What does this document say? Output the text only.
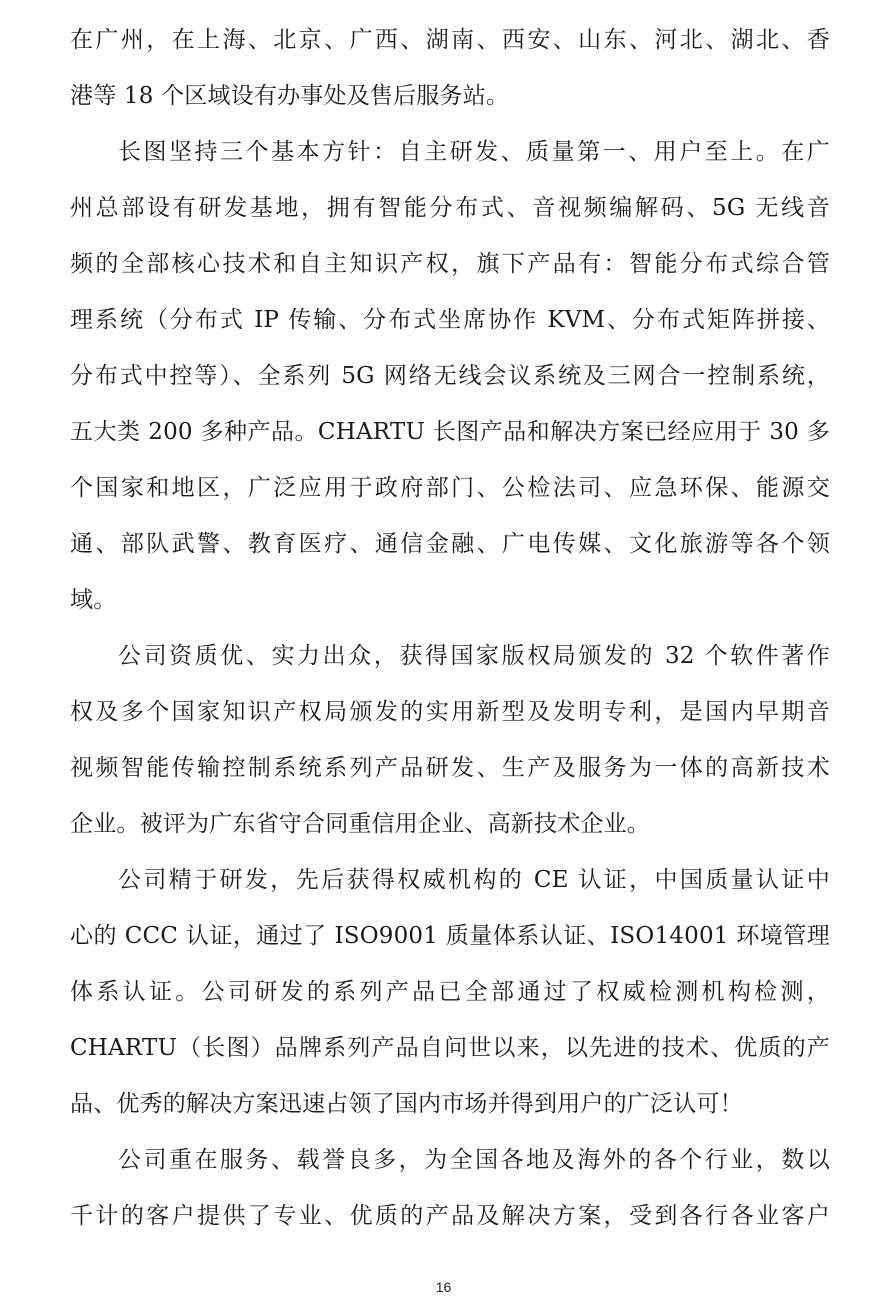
在广州，在上海、北京、广西、湖南、西安、山东、河北、湖北、香
港等 18 个区域设有办事处及售后服务站。
长图坚持三个基本方针：自主研发、质量第一、用户至上。在广
州总部设有研发基地，拥有智能分布式、音视频编解码、5G 无线音
频的全部核心技术和自主知识产权，旗下产品有：智能分布式综合管
理系统（分布式 IP 传输、分布式坐席协作 KVM、分布式矩阵拼接、
分布式中控等）、全系列 5G 网络无线会议系统及三网合一控制系统，
五大类 200 多种产品。CHARTU 长图产品和解决方案已经应用于 30 多
个国家和地区，广泛应用于政府部门、公检法司、应急环保、能源交
通、部队武警、教育医疗、通信金融、广电传媒、文化旅游等各个领
域。
公司资质优、实力出众，获得国家版权局颁发的 32 个软件著作
权及多个国家知识产权局颁发的实用新型及发明专利，是国内早期音
视频智能传输控制系统系列产品研发、生产及服务为一体的高新技术
企业。被评为广东省守合同重信用企业、高新技术企业。
公司精于研发，先后获得权威机构的 CE 认证，中国质量认证中
心的 CCC 认证，通过了 ISO9001 质量体系认证、ISO14001 环境管理
体系认证。公司研发的系列产品已全部通过了权威检测机构检测，
CHARTU（长图）品牌系列产品自问世以来，以先进的技术、优质的产
品、优秀的解决方案迅速占领了国内市场并得到用户的广泛认可！
公司重在服务、载誉良多，为全国各地及海外的各个行业，数以
千计的客户提供了专业、优质的产品及解决方案，受到各行各业客户
16
